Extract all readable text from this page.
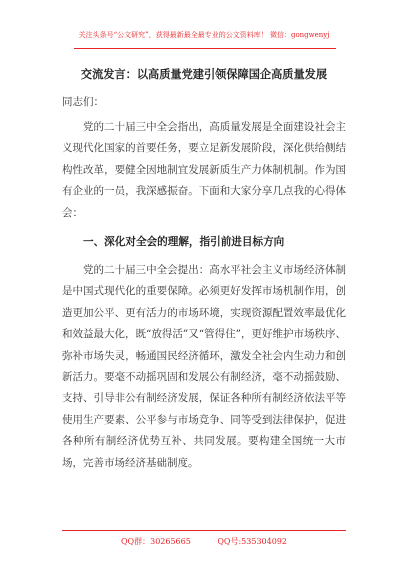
关注头条号“公文研究”，获得最新最全最专业的公文资料库！ 微信：gongwenyj
交流发言：以高质量党建引领保障国企高质量发展
同志们：

党的二十届三中全会指出，高质量发展是全面建设社会主义现代化国家的首要任务，要立足新发展阶段，深化供给侧结构性改革，要健全因地制宜发展新质生产力体制机制。作为国有企业的一员，我深感振奋。下面和大家分享几点我的心得体会：

一、深化对全会的理解，指引前进目标方向

党的二十届三中全会提出：高水平社会主义市场经济体制是中国式现代化的重要保障。必须更好发挥市场机制作用，创造更加公平、更有活力的市场环境，实现资源配置效率最优化和效益最大化，既“放得活”又“管得住”，更好维护市场秩序、弥补市场失灵，畅通国民经济循环，激发全社会内生动力和创新活力。要毫不动摇巩固和发展公有制经济，毫不动摇鼓励、支持、引导非公有制经济发展，保证各种所有制经济依法平等使用生产要素、公平参与市场竞争、同等受到法律保护，促进各种所有制经济优势互补、共同发展。要构建全国统一大市场，完善市场经济基础制度。

QQ群：30265665	QQ号:535304092
